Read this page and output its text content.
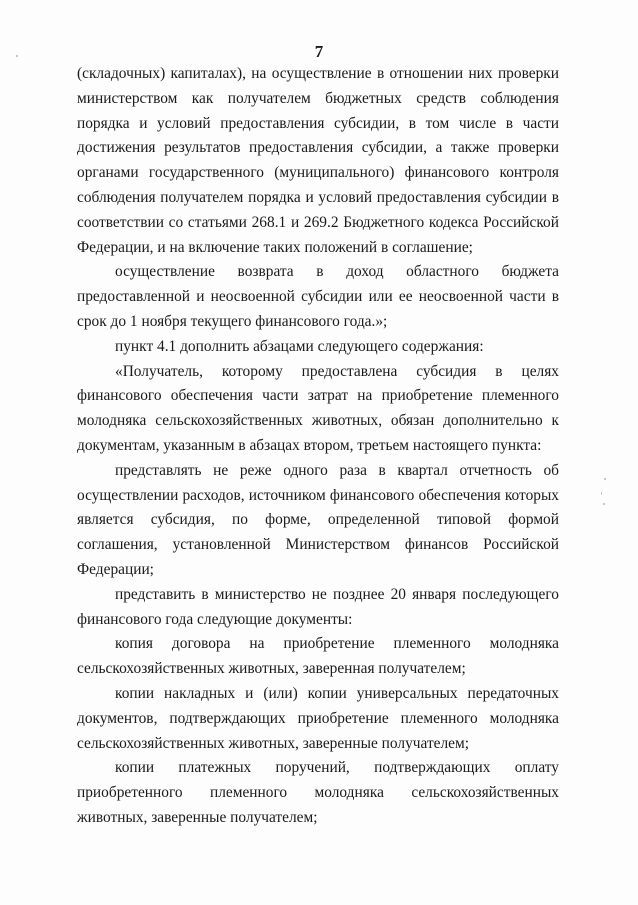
7

(складочных) капиталах), на осуществление в отношении них проверки министерством как получателем бюджетных средств соблюдения порядка и условий предоставления субсидии, в том числе в части достижения результатов предоставления субсидии, а также проверки органами государственного (муниципального) финансового контроля соблюдения получателем порядка и условий предоставления субсидии в соответствии со статьями 268.1 и 269.2 Бюджетного кодекса Российской Федерации, и на включение таких положений в соглашение;

осуществление возврата в доход областного бюджета предоставленной и неосвоенной субсидии или ее неосвоенной части в срок до 1 ноября текущего финансового года.»;

пункт 4.1 дополнить абзацами следующего содержания:

«Получатель, которому предоставлена субсидия в целях финансового обеспечения части затрат на приобретение племенного молодняка сельскохозяйственных животных, обязан дополнительно к документам, указанным в абзацах втором, третьем настоящего пункта:

представлять не реже одного раза в квартал отчетность об осуществлении расходов, источником финансового обеспечения которых является субсидия, по форме, определенной типовой формой соглашения, установленной Министерством финансов Российской Федерации;

представить в министерство не позднее 20 января последующего финансового года следующие документы:

копия договора на приобретение племенного молодняка сельскохозяйственных животных, заверенная получателем;

копии накладных и (или) копии универсальных передаточных документов, подтверждающих приобретение племенного молодняка сельскохозяйственных животных, заверенные получателем;

копии платежных поручений, подтверждающих оплату приобретенного племенного молодняка сельскохозяйственных животных, заверенные получателем;
